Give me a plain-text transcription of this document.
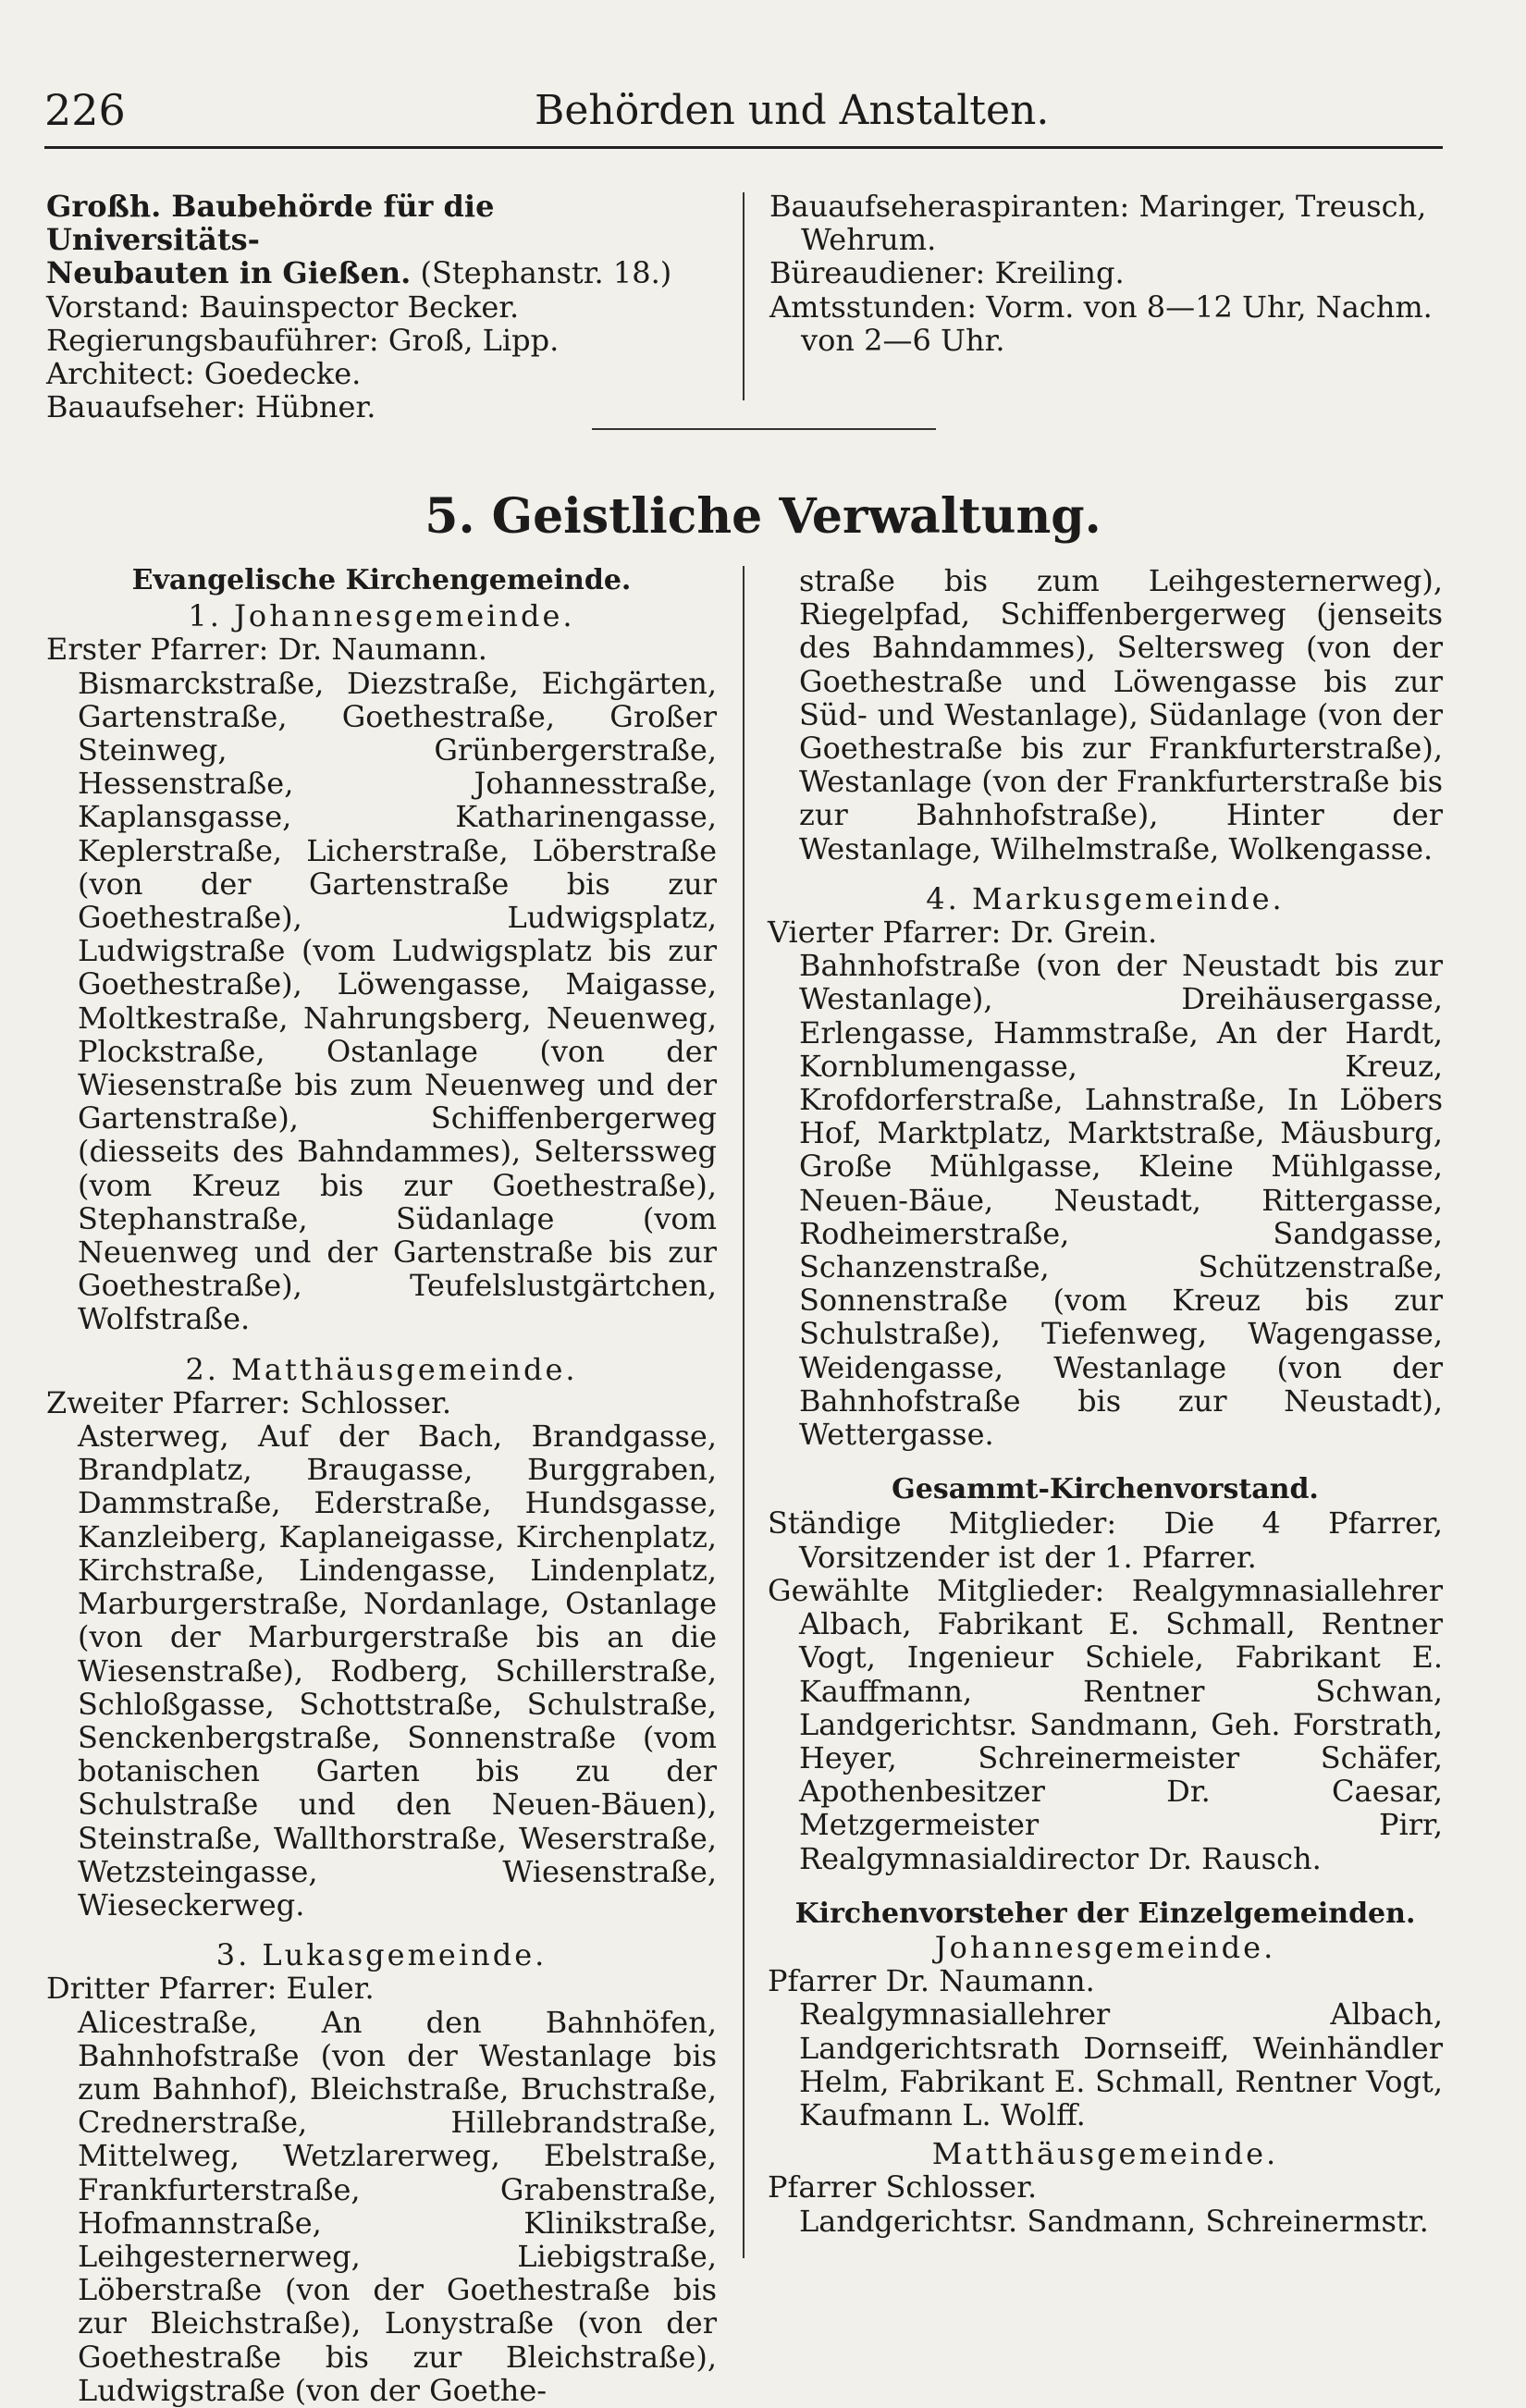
226	Behörden und Anstalten.

Großh. Baubehörde für die Universitäts-

Neubauten in Gießen. (Stephanstr. 18.)

Vorstand: Bauinspector Becker.

Regierungsbauführer: Groß, Lipp.

Architect: Goedecke.

Bauaufseher: Hübner.

Bauaufseheraspiranten: Maringer, Treusch, Wehrum.

Büreaudiener: Kreiling.

Amtsstunden: Vorm. von 8—12 Uhr, Nachm. von 2—6 Uhr.

5. Geistliche Verwaltung.

Evangelische Kirchengemeinde.

1. Johannesgemeinde.

Erster Pfarrer: Dr. Naumann.

Bismarckstraße, Diezstraße, Eichgärten, Gartenstraße, Goethestraße, Großer Steinweg, Grünbergerstraße, Hessenstraße, Johannesstraße, Kaplansgasse, Katharinengasse, Keplerstraße, Licherstraße, Löberstraße (von der Gartenstraße bis zur Goethestraße), Ludwigsplatz, Ludwigstraße (vom Ludwigsplatz bis zur Goethestraße), Löwengasse, Maigasse, Moltkestraße, Nahrungsberg, Neuenweg, Plockstraße, Ostanlage (von der Wiesenstraße bis zum Neuenweg und der Gartenstraße), Schiffenbergerweg (diesseits des Bahndammes), Selterssweg (vom Kreuz bis zur Goethestraße), Stephanstraße, Südanlage (vom Neuenweg und der Gartenstraße bis zur Goethestraße), Teufelslustgärtchen, Wolfstraße.

2. Matthäusgemeinde.

Zweiter Pfarrer: Schlosser.

Asterweg, Auf der Bach, Brandgasse, Brandplatz, Braugasse, Burggraben, Dammstraße, Ederstraße, Hundsgasse, Kanzleiberg, Kaplaneigasse, Kirchenplatz, Kirchstraße, Lindengasse, Lindenplatz, Marburgerstraße, Nordanlage, Ostanlage (von der Marburgerstraße bis an die Wiesenstraße), Rodberg, Schillerstraße, Schloßgasse, Schottstraße, Schulstraße, Senckenbergstraße, Sonnenstraße (vom botanischen Garten bis zu der Schulstraße und den Neuen-Bäuen), Steinstraße, Wallthorstraße, Weserstraße, Wetzsteingasse, Wiesenstraße, Wieseckerweg.

3. Lukasgemeinde.

Dritter Pfarrer: Euler.

Alicestraße, An den Bahnhöfen, Bahnhofstraße (von der Westanlage bis zum Bahnhof), Bleichstraße, Bruchstraße, Crednerstraße, Hillebrandstraße, Mittelweg, Wetzlarerweg, Ebelstraße, Frankfurterstraße, Grabenstraße, Hofmannstraße, Klinikstraße, Leihgesternerweg, Liebigstraße, Löberstraße (von der Goethestraße bis zur Bleichstraße), Lonystraße (von der Goethestraße bis zur Bleichstraße), Ludwigstraße (von der Goethe-

straße bis zum Leihgesternerweg), Riegelpfad, Schiffenbergerweg (jenseits des Bahndammes), Seltersweg (von der Goethestraße und Löwengasse bis zur Süd- und Westanlage), Südanlage (von der Goethestraße bis zur Frankfurterstraße), Westanlage (von der Frankfurterstraße bis zur Bahnhofstraße), Hinter der Westanlage, Wilhelmstraße, Wolkengasse.

4. Markusgemeinde.

Vierter Pfarrer: Dr. Grein.

Bahnhofstraße (von der Neustadt bis zur Westanlage), Dreihäusergasse, Erlengasse, Hammstraße, An der Hardt, Kornblumengasse, Kreuz, Krofdorferstraße, Lahnstraße, In Löbers Hof, Marktplatz, Marktstraße, Mäusburg, Große Mühlgasse, Kleine Mühlgasse, Neuen-Bäue, Neustadt, Rittergasse, Rodheimerstraße, Sandgasse, Schanzenstraße, Schützenstraße, Sonnenstraße (vom Kreuz bis zur Schulstraße), Tiefenweg, Wagengasse, Weidengasse, Westanlage (von der Bahnhofstraße bis zur Neustadt), Wettergasse.

Gesammt-Kirchenvorstand.

Ständige Mitglieder: Die 4 Pfarrer, Vorsitzender ist der 1. Pfarrer.

Gewählte Mitglieder: Realgymnasiallehrer Albach, Fabrikant E. Schmall, Rentner Vogt, Ingenieur Schiele, Fabrikant E. Kauffmann, Rentner Schwan, Landgerichtsr. Sandmann, Geh. Forstrath, Heyer, Schreinermeister Schäfer, Apothenbesitzer Dr. Caesar, Metzgermeister Pirr, Realgymnasialdirector Dr. Rausch.

Kirchenvorsteher der Einzelgemeinden.

Johannesgemeinde.

Pfarrer Dr. Naumann.

Realgymnasiallehrer Albach, Landgerichtsrath Dornseiff, Weinhändler Helm, Fabrikant E. Schmall, Rentner Vogt, Kaufmann L. Wolff.

Matthäusgemeinde.

Pfarrer Schlosser.

Landgerichtsr. Sandmann, Schreinermstr.
